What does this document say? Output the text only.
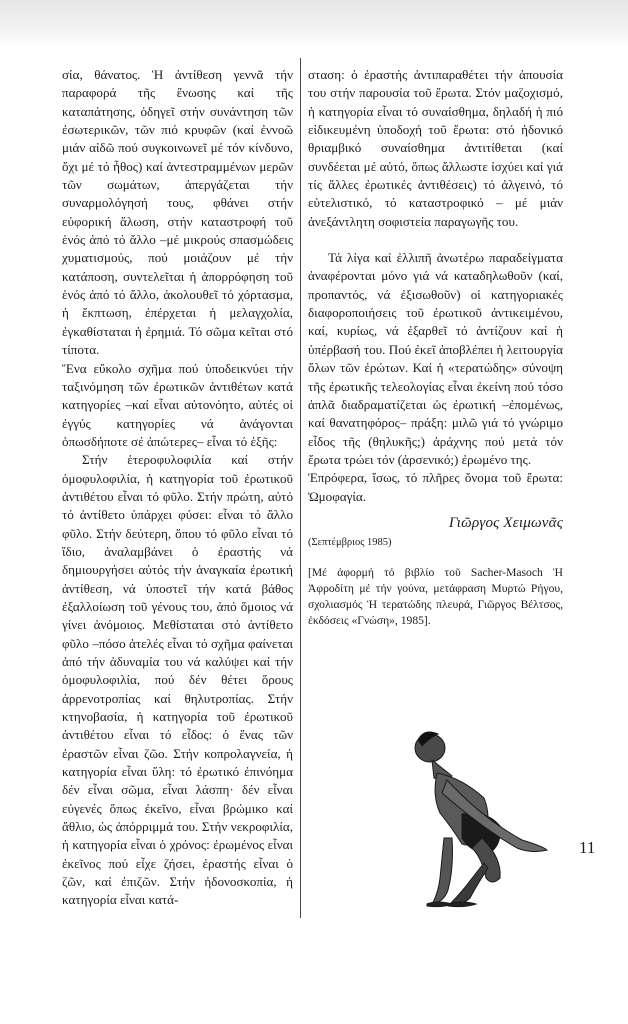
σία, θάνατος. Ἡ ἀντίθεση γεννᾶ τήν παραφορά τῆς ἕνωσης καί τῆς καταπάτησης, ὁδηγεῖ στήν συνάντηση τῶν ἐσωτερικῶν, τῶν πιό κρυφῶν (καί ἐννοῶ μιάν αἰδῶ πού συγκοινωνεῖ μέ τόν κίνδυνο, ὄχι μέ τό ἦθος) καί ἀντεστραμμένων μερῶν τῶν σωμάτων, ἀπεργάζεται τήν συναρμολόγησή τους, φθάνει στήν εὐφορική ἅλωση, στήν καταστροφή τοῦ ἑνός ἀπό τό ἄλλο –μέ μικρούς σπασμώδεις χυματισμούς, πού μοιάζουν μέ τήν κατάποση, συντελεῖται ἡ ἀπορρόφηση τοῦ ἑνός ἀπό τό ἄλλο, ἀκολουθεῖ τό χόρτασμα, ἡ ἔκπτωση, ἐπέρχεται ἡ μελαγχολία, ἐγκαθίσταται ἡ ἐρημιά. Τό σῶμα κεῖται στό τίποτα.

Ἕνα εὔκολο σχῆμα πού ὑποδεικνύει τήν ταξινόμηση τῶν ἐρωτικῶν ἀντιθέτων κατά κατηγορίες –καί εἶναι αὐτονόητο, αὐτές οἱ ἐγγύς κατηγορίες νά ἀνάγονται ὁπωσδήποτε σέ ἀπώτερες– εἶναι τό ἑξῆς:

Στήν ἑτεροφυλοφιλία καί στήν ὁμοφυλοφιλία, ἡ κατηγορία τοῦ ἐρωτικοῦ ἀντιθέτου εἶναι τό φῦλο. Στήν πρώτη, αὐτό τό ἀντίθετο ὑπάρχει φύσει: εἶναι τό ἄλλο φῦλο. Στήν δεύτερη, ὅπου τό φῦλο εἶναι τό ἴδιο, ἀναλαμβάνει ὁ ἐραστής νά δημιουργήσει αὐτός τήν ἀναγκαία ἐρωτική ἀντίθεση, νά ὑποστεῖ τήν κατά βάθος ἐξαλλοίωση τοῦ γένους του, ἀπό ὅμοιος νά γίνει ἀνόμοιος. Μεθίσταται στό ἀντίθετο φῦλο –πόσο ἀτελές εἶναι τό σχῆμα φαίνεται ἀπό τήν ἀδυναμία του νά καλύψει καί τήν ὁμοφυλοφιλία, πού δέν θέτει ὅρους ἀρρενοτροπίας καί θηλυτροπίας. Στήν κτηνοβασία, ἡ κατηγορία τοῦ ἐρωτικοῦ ἀντιθέτου εἶναι τό εἶδος: ὁ ἕνας τῶν ἐραστῶν εἶναι ζῶο. Στήν κοπρολαγνεία, ἡ κατηγορία εἶναι ὕλη: τό ἐρωτικό ἐπινόημα δέν εἶναι σῶμα, εἶναι λάσπη· δέν εἶναι εὐγενές ὅπως ἐκεῖνο, εἶναι βρώμικο καί ἄθλιο, ὡς ἀπόρριμμά του. Στήν νεκροφιλία, ἡ κατηγορία εἶναι ὁ χρόνος: ἐρωμένος εἶναι ἐκεῖνος πού εἶχε ζήσει, ἐραστής εἶναι ὁ ζῶν, καί ἐπιζῶν. Στήν ἠδονοσκοπία, ἡ κατηγορία εἶναι κατά-

σταση: ὁ ἐραστής ἀντιπαραθέτει τήν ἀπουσία του στήν παρουσία τοῦ ἔρωτα. Στόν μαζοχισμό, ἡ κατηγορία εἶναι τό συναίσθημα, δηλαδή ἡ πιό εἰδικευμένη ὑποδοχή τοῦ ἔρωτα: στό ἡδονικό θριαμβικό συναίσθημα ἀντιτίθεται (καί συνδέεται μέ αὐτό, ὅπως ἄλλωστε ἰσχύει καί γιά τίς ἄλλες ἐρωτικές ἀντιθέσεις) τό ἀλγεινό, τό εὐτελιστικό, τό καταστροφικό – μέ μιάν ἀνεξάντλητη σοφιστεία παραγωγῆς του.

Τά λίγα καί ἐλλιπῆ ἀνωτέρω παραδείγματα ἀναφέρονται μόνο γιά νά καταδηλωθοῦν (καί, προπαντός, νά ἐξισωθοῦν) οἱ κατηγοριακές διαφοροποιήσεις τοῦ ἐρωτικοῦ ἀντικειμένου, καί, κυρίως, νά ἐξαρθεῖ τό ἀντίζουν καί ἡ ὑπέρβασή του. Πού ἐκεῖ ἀποβλέπει ἡ λειτουργία ὅλων τῶν ἐρώτων. Καί ἡ «τερατώδης» σύνοψη τῆς ἐρωτικῆς τελεολογίας εἶναι ἐκείνη πού τόσο ἁπλᾶ διαδραματίζεται ὡς ἐρωτική –ἐπομένως, καί θανατηφόρος– πράξη: μιλῶ γιά τό γνώριμο εἶδος τῆς (θηλυκῆς;) ἀράχνης πού μετά τόν ἔρωτα τρώει τόν (ἀρσενικό;) ἐρωμένο της.

Ἐπρόφερα, ἴσως, τό πλῆρες ὄνομα τοῦ ἔρωτα: Ὠμοφαγία.

Γιῶργος Χειμωνᾶς
(Σεπτέμβριος 1985)
[Μέ ἀφορμή τό βιβλίο τοῦ Sacher-Masoch Ἡ Ἀφροδίτη μέ τήν γούνα, μετάφραση Μυρτώ Ρήγου, σχολιασμός Ἡ τερατώδης πλευρά, Γιῶργος Βέλτσος, ἐκδόσεις «Γνώση», 1985].
11
